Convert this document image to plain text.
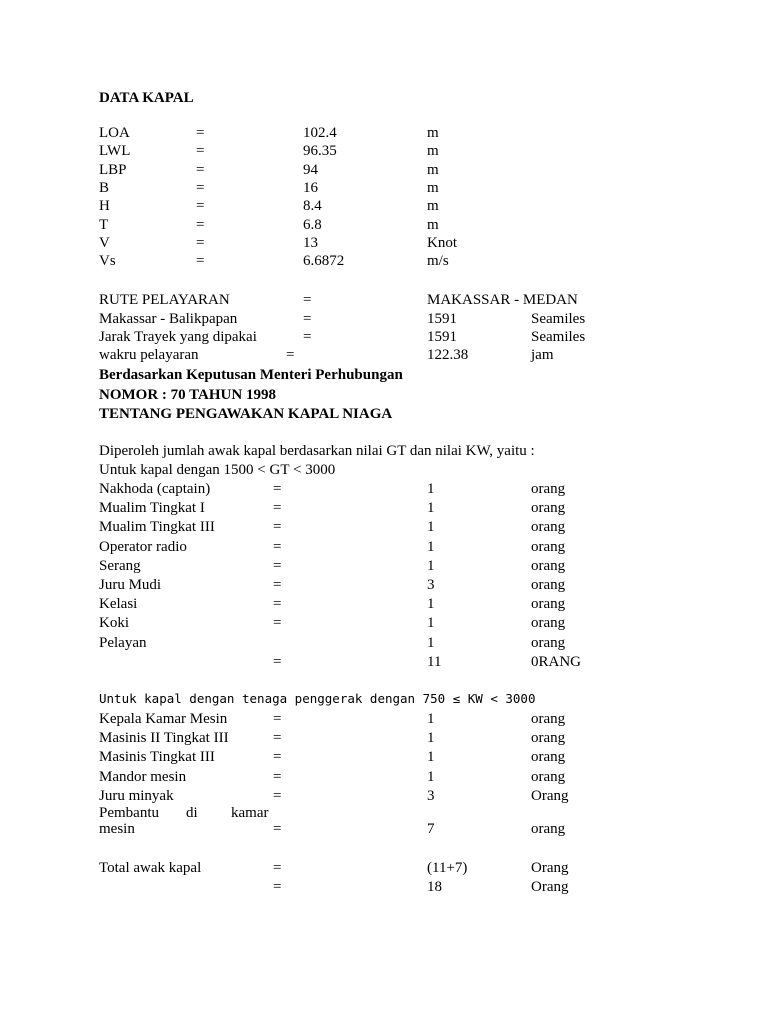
DATA KAPAL
LOA	=	102.4	m
LWL	=	96.35	m
LBP	=	94	m
B	=	16	m
H	=	8.4	m
T	=	6.8	m
V	=	13	Knot
Vs	=	6.6872	m/s
RUTE PELAYARAN	=	MAKASSAR - MEDAN
Makassar - Balikpapan	=	1591	Seamiles
Jarak Trayek yang dipakai	=	1591	Seamiles
wakru pelayaran	=	122.38	jam
Berdasarkan Keputusan Menteri Perhubungan
NOMOR : 70 TAHUN 1998
TENTANG PENGAWAKAN KAPAL NIAGA
Diperoleh jumlah awak kapal berdasarkan nilai GT dan nilai KW, yaitu :
Untuk kapal dengan 1500 < GT < 3000
Nakhoda (captain)	=	1	orang
Mualim Tingkat I	=	1	orang
Mualim Tingkat III	=	1	orang
Operator radio	=	1	orang
Serang	=	1	orang
Juru Mudi	=	3	orang
Kelasi	=	1	orang
Koki	=	1	orang
Pelayan	1	orang
=	11	0RANG
Untuk kapal dengan tenaga penggerak dengan 750 ≤ KW < 3000
Kepala Kamar Mesin	=	1	orang
Masinis II Tingkat III	=	1	orang
Masinis Tingkat III	=	1	orang
Mandor mesin	=	1	orang
Juru minyak	=	3	Orang
Pembantu di kamar
mesin	=	7	orang
Total awak kapal	=	(11+7)	Orang
=	18	Orang
